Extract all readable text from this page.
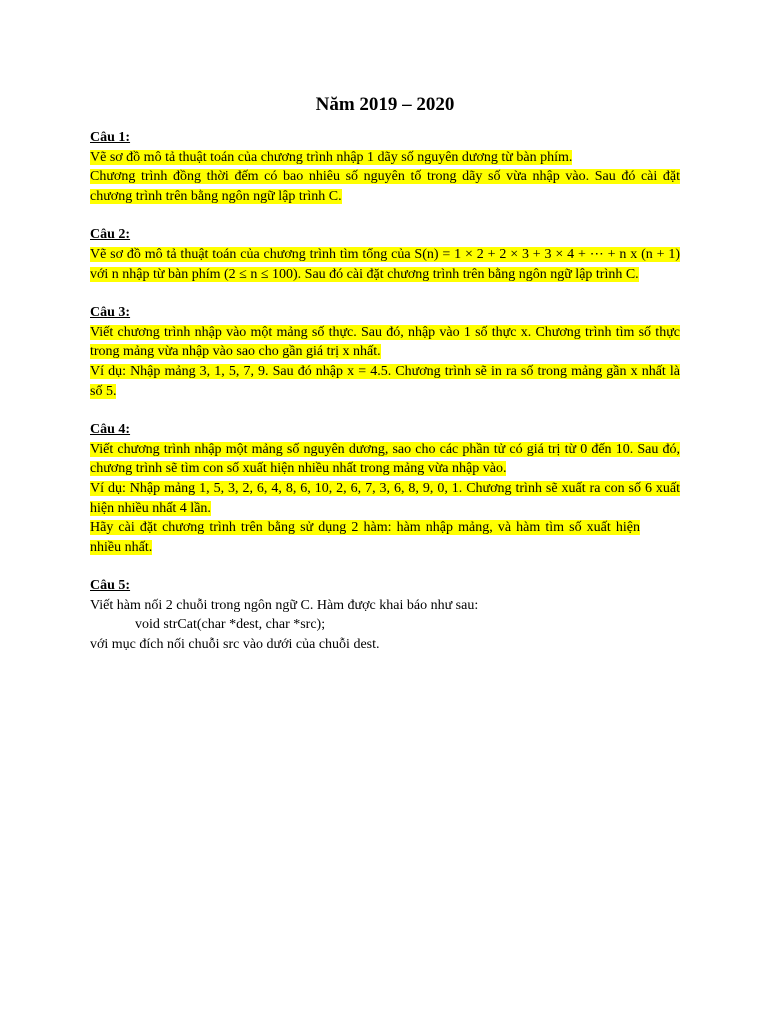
Năm 2019 – 2020

Câu 1:

Vẽ sơ đồ mô tả thuật toán của chương trình nhập 1 dãy số nguyên dương từ bàn phím.

Chương trình đồng thời đếm có bao nhiêu số nguyên tố trong dãy số vừa nhập vào. Sau đó cài đặt chương trình trên bằng ngôn ngữ lập trình C.

Câu 2:

Vẽ sơ đồ mô tả thuật toán của chương trình tìm tổng của S(n) = 1 × 2 + 2 × 3 + 3 × 4 + ⋯ + n x (n + 1) với n nhập từ bàn phím (2 ≤ n ≤ 100). Sau đó cài đặt chương trình trên bằng ngôn ngữ lập trình C.

Câu 3:

Viết chương trình nhập vào một mảng số thực. Sau đó, nhập vào 1 số thực x. Chương trình tìm số thực trong mảng vừa nhập vào sao cho gần giá trị x nhất.

Ví dụ: Nhập mảng 3, 1, 5, 7, 9. Sau đó nhập x = 4.5. Chương trình sẽ in ra số trong mảng gần x nhất là số 5.

Câu 4:

Viết chương trình nhập một mảng số nguyên dương, sao cho các phần tử có giá trị từ 0 đến 10. Sau đó, chương trình sẽ tìm con số xuất hiện nhiều nhất trong mảng vừa nhập vào.

Ví dụ: Nhập mảng 1, 5, 3, 2, 6, 4, 8, 6, 10, 2, 6, 7, 3, 6, 8, 9, 0, 1. Chương trình sẽ xuất ra con số 6 xuất hiện nhiều nhất 4 lần.

Hãy cài đặt chương trình trên bằng sử dụng 2 hàm: hàm nhập mảng, và hàm tìm số xuất hiện nhiều nhất.

Câu 5:

Viết hàm nối 2 chuỗi trong ngôn ngữ C. Hàm được khai báo như sau:

void strCat(char *dest, char *src);

với mục đích nối chuỗi src vào dưới của chuỗi dest.
